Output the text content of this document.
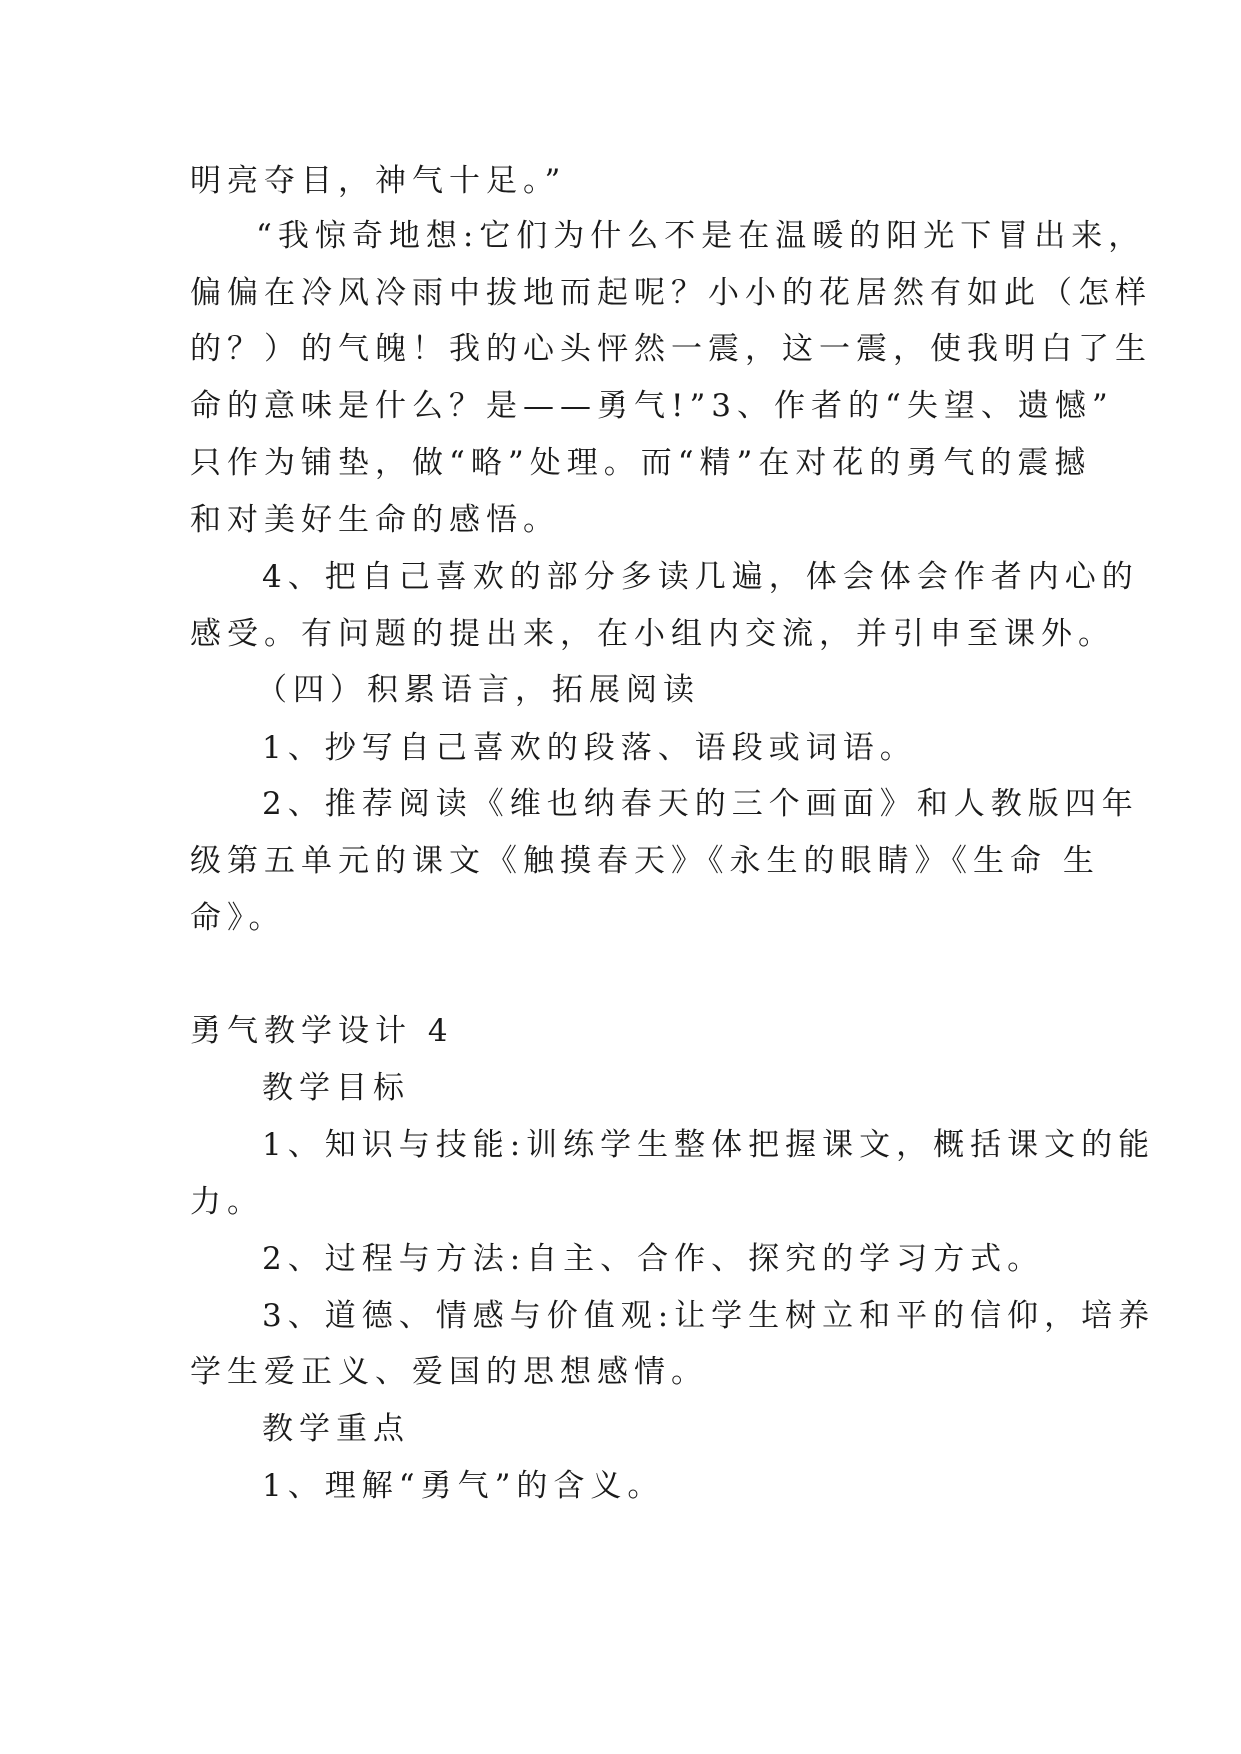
明亮夺目，神气十足。”
“我惊奇地想:它们为什么不是在温暖的阳光下冒出来，
偏偏在冷风冷雨中拔地而起呢？小小的花居然有如此（怎样
的？）的气魄！我的心头怦然一震，这一震，使我明白了生
命的意味是什么？是——勇气!”3、作者的“失望、遗憾”
只作为铺垫，做“略”处理。而“精”在对花的勇气的震撼
和对美好生命的感悟。
4、把自己喜欢的部分多读几遍，体会体会作者内心的
感受。有问题的提出来，在小组内交流，并引申至课外。
（四）积累语言，拓展阅读
1、抄写自己喜欢的段落、语段或词语。
2、推荐阅读《维也纳春天的三个画面》和人教版四年
级第五单元的课文《触摸春天》《永生的眼睛》《生命 生
命》。
勇气教学设计 4
教学目标
1、知识与技能:训练学生整体把握课文，概括课文的能
力。
2、过程与方法:自主、合作、探究的学习方式。
3、道德、情感与价值观:让学生树立和平的信仰，培养
学生爱正义、爱国的思想感情。
教学重点
1、理解“勇气”的含义。
